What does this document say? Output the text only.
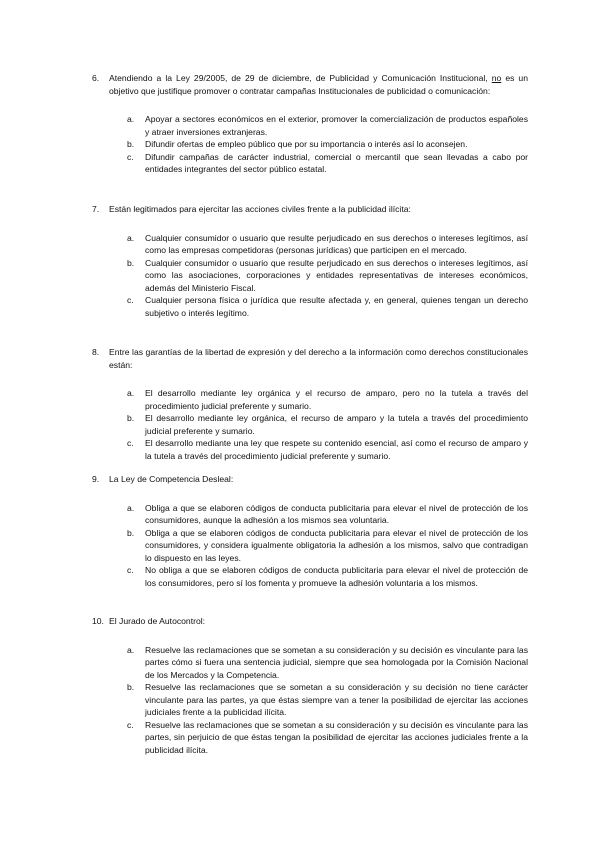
6.	Atendiendo a la Ley 29/2005, de 29 de diciembre, de Publicidad y Comunicación Institucional, no es un objetivo que justifique promover o contratar campañas Institucionales de publicidad o comunicación:
a. Apoyar a sectores económicos en el exterior, promover la comercialización de productos españoles y atraer inversiones extranjeras.
b. Difundir ofertas de empleo público que por su importancia o interés así lo aconsejen.
c. Difundir campañas de carácter industrial, comercial o mercantil que sean llevadas a cabo por entidades integrantes del sector público estatal.
7.	Están legitimados para ejercitar las acciones civiles frente a la publicidad ilícita:
a. Cualquier consumidor o usuario que resulte perjudicado en sus derechos o intereses legítimos, así como las empresas competidoras (personas jurídicas) que participen en el mercado.
b. Cualquier consumidor o usuario que resulte perjudicado en sus derechos o intereses legítimos, así como las asociaciones, corporaciones y entidades representativas de intereses económicos, además del Ministerio Fiscal.
c. Cualquier persona física o jurídica que resulte afectada y, en general, quienes tengan un derecho subjetivo o interés legítimo.
8.	Entre las garantías de la libertad de expresión y del derecho a la información como derechos constitucionales están:
a. El desarrollo mediante ley orgánica y el recurso de amparo, pero no la tutela a través del procedimiento judicial preferente y sumario.
b. El desarrollo mediante ley orgánica, el recurso de amparo y la tutela a través del procedimiento judicial preferente y sumario.
c. El desarrollo mediante una ley que respete su contenido esencial, así como el recurso de amparo y la tutela a través del procedimiento judicial preferente y sumario.
9.	La Ley de Competencia Desleal:
a. Obliga a que se elaboren códigos de conducta publicitaria para elevar el nivel de protección de los consumidores, aunque la adhesión a los mismos sea voluntaria.
b. Obliga a que se elaboren códigos de conducta publicitaria para elevar el nivel de protección de los consumidores, y considera igualmente obligatoria la adhesión a los mismos, salvo que contradigan lo dispuesto en las leyes.
c. No obliga a que se elaboren códigos de conducta publicitaria para elevar el nivel de protección de los consumidores, pero sí los fomenta y promueve la adhesión voluntaria a los mismos.
10. El Jurado de Autocontrol:
a. Resuelve las reclamaciones que se sometan a su consideración y su decisión es vinculante para las partes cómo si fuera una sentencia judicial, siempre que sea homologada por la Comisión Nacional de los Mercados y la Competencia.
b. Resuelve las reclamaciones que se sometan a su consideración y su decisión no tiene carácter vinculante para las partes, ya que éstas siempre van a tener la posibilidad de ejercitar las acciones judiciales frente a la publicidad ilícita.
c. Resuelve las reclamaciones que se sometan a su consideración y su decisión es vinculante para las partes, sin perjuicio de que éstas tengan la posibilidad de ejercitar las acciones judiciales frente a la publicidad ilícita.
